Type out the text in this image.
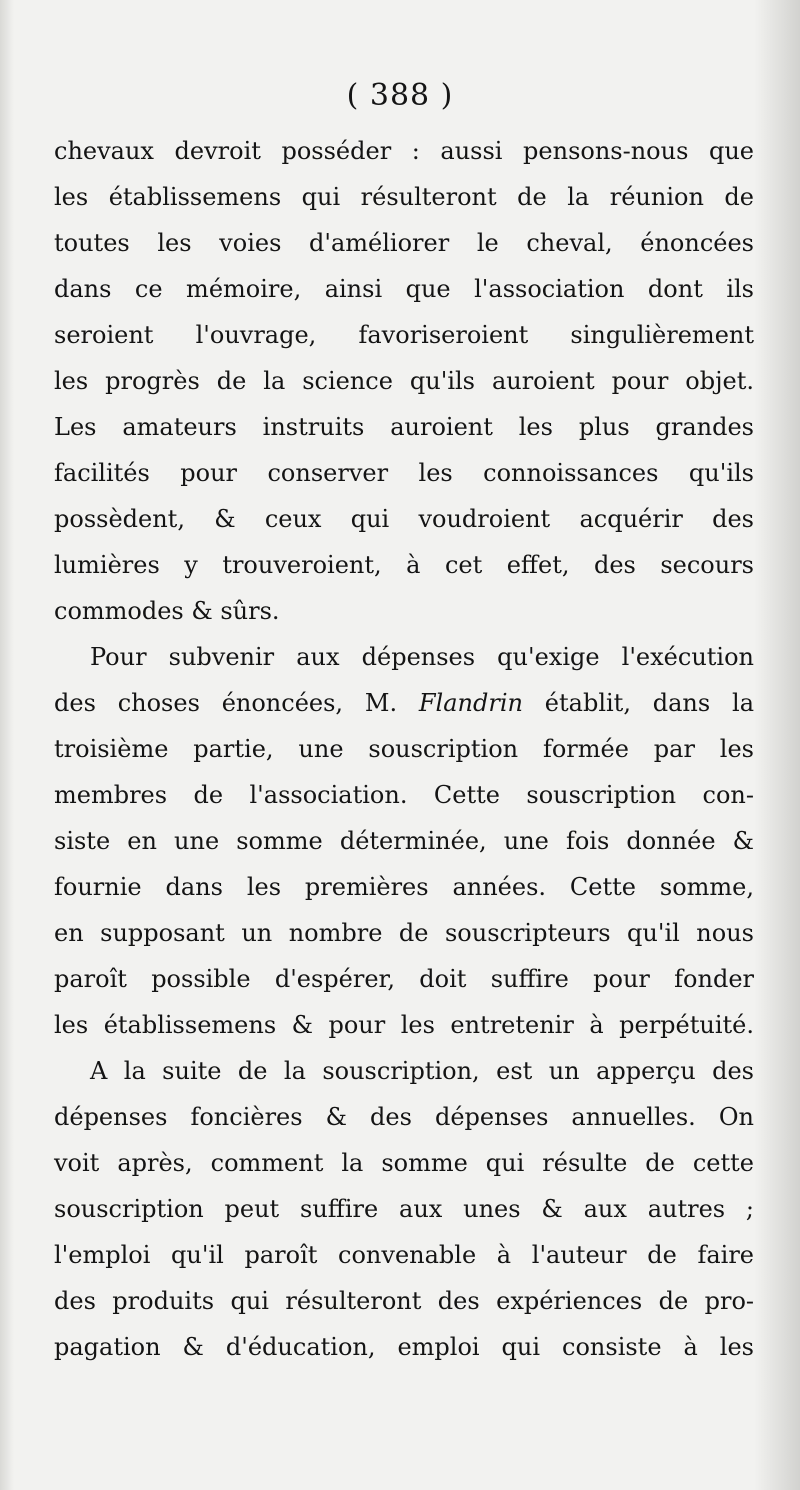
( 388 )
chevaux devroit posséder : aussi pensons-nous que
les établissemens qui résulteront de la réunion de
toutes les voies d'améliorer le cheval, énoncées
dans ce mémoire, ainsi que l'association dont ils
seroient l'ouvrage, favoriseroient singulièrement
les progrès de la science qu'ils auroient pour objet.
Les amateurs instruits auroient les plus grandes
facilités pour conserver les connoissances qu'ils
possèdent, & ceux qui voudroient acquérir des
lumières y trouveroient, à cet effet, des secours
commodes & sûrs.
Pour subvenir aux dépenses qu'exige l'exécution
des choses énoncées, M. Flandrin établit, dans la
troisième partie, une souscription formée par les
membres de l'association. Cette souscription con-
siste en une somme déterminée, une fois donnée &
fournie dans les premières années. Cette somme,
en supposant un nombre de souscripteurs qu'il nous
paroît possible d'espérer, doit suffire pour fonder
les établissemens & pour les entretenir à perpétuité.
A la suite de la souscription, est un apperçu des
dépenses foncières & des dépenses annuelles. On
voit après, comment la somme qui résulte de cette
souscription peut suffire aux unes & aux autres ;
l'emploi qu'il paroît convenable à l'auteur de faire
des produits qui résulteront des expériences de pro-
pagation & d'éducation, emploi qui consiste à les
